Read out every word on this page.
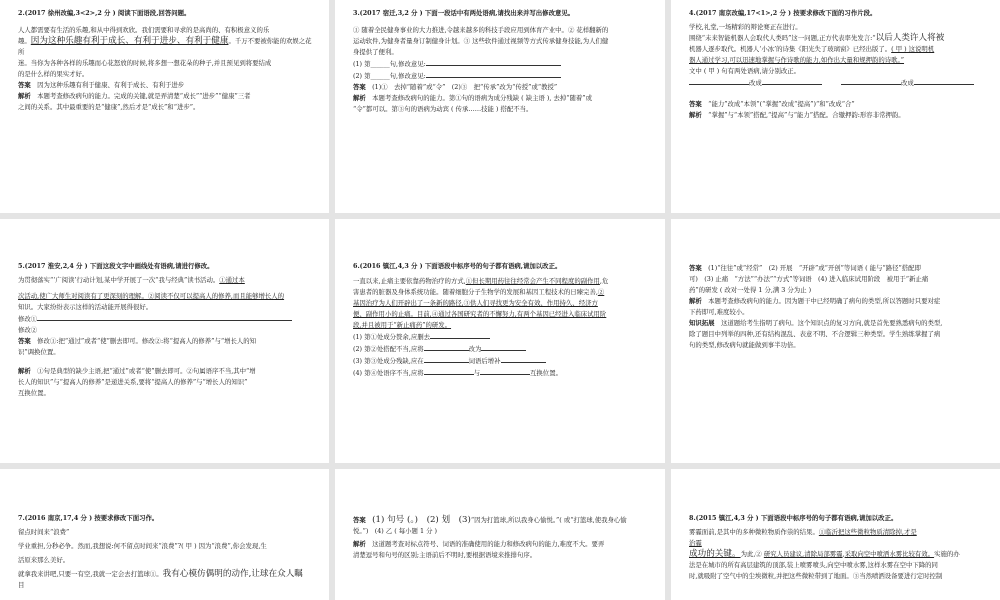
2.(2017 徐州改编,3<2>,2 分 ) 阅读下面语段,回答问题。

人人都需要有生活的乐趣,和从中得到欢欣。我们需要和寻求的是高尚的、有积极意义的乐

趣。因为这种乐趣有利于成长、有利于进步、有利于健康。千万不要被你能的欢娱之花

所

迷。当你为各种各样的乐趣而心花怒放的时候,将多想一想花朵的种子,并且预见到将要结成

的是什么样的果实才好。

答案　 因为这种乐趣有利于健康、有利于成长、有利于进步

解析　 本题考查修改病句的能力。完成的关键,就是弄清楚“成长”“进步”“健康”三者

之间的关系。其中最重要的是“健康”,然后才是“成长”和“进步”。

3.(2017 宿迁,3,2 分 ) 下面一段话中有两处语病,请找出来并写出修改意见。

① 随着全民健身事业的大力推进,令越来越多的科技手段应用到体育产业中。② 花样翻新的

运动软件,为健身者量身订制健身计划。③ 这些软件通过视频等方式传承健身技能,为人们健

身提供了便利。

(1) 第______句,修改意见:

(2) 第______句,修改意见:

答案　 (1)①　去掉“随着”或“令”　(2)③　把“传承”改为“传授”或“教授”

解析　 本题考查修改病句的能力。第①句的语病为成分残缺 ( 缺主语 ), 去掉“随着”或

“令”都可以。第③句的语病为动宾 ( 传承……技能 ) 搭配不当。

4.(2017 南京改编,17<1>,2 分 ) 按要求修改下面的习作片段。

学校,礼堂,一场精彩的辩论赛正在进行。

围绕“未来智能机器人会取代人类吗”这一问题,正方代表率先发言:“以后人类许人将被

机器人逐步取代。机器人‘小冰’的诗集《阳光失了玻璃窗》已经出版了。( 甲 ) 这说明机

器人通过学习,可以迅速地掌握与作诗歌的能力,如作出大量和规押韵的诗歌。”

文中 ( 甲 ) 句有两处语病,请分别改正。

改成　　　	改成

答案　 “能力”改成“本领”(“掌握”改成“提高”)“和”改成“合”

解析　 “掌握”与“本领”搭配,“提高”与“能力”搭配。合辙押韵:形容非常押韵。

5.(2017 淮安,2,4 分 ) 下面这段文字中画线处有语病,请进行修改。

为贯彻落实“‘广阅读’行动计划,某中学开展了一次“我与经典”读书活动。①通过本

次活动,使广大师生对阅读有了更深刻的理解。②阅读不仅可以提高人的修养,而且能够增长人的

知识。大家纷纷表示这样的活动能开展得很好。

修改①

修改②

答案　 修改①:把“通过”或者“使”删去即可。修改②:将“提高人的修养”与“增长人的知

识”调换位置。

解析　 ①句是典型的缺少主语,把“通过”或者“使”删去即可。②句属语序不当,其中“增

长人的知识”与“提高人的修养”是递进关系,要将“提高人的修养”与“增长人的知识”

互换位置。

6.(2016 镇江,4,3 分 ) 下面语段中标序号的句子都有语病,请加以改正。

一直以来,止痛主要依靠药物治疗的方式,①但长期用药往往经常会产生不同程度的副作用,危

害患者的脏器及身体系统功能。随着细胞分子生物学的发展和基因工程技术的日臻完善,②

基因治疗为人们开辟出了一条新的路径,③供人们寻找更为安全有效、作用持久、经济方

便、副作用小的止痛。目前,④通过各国研究者的不懈努力,有两个基因已经进入临床试用阶

段,并且被用于“新止痛药”的研发。

(1) 第①处成分赘余,应删去

(2) 第②处搭配不当,应将	改为

(3) 第③处成分残缺,应在	词语后增补

(4) 第④处语序不当,应将	与	互换位置。

答案　 (1)“往往”或“经常”　(2) 开展　“开辟”或“开创”等词语 ( 能与“路径”搭配即

可)　(3) 止痛　“方法”“办法”“方式”等词语　(4) 进入临床试用阶段　被用于“新止痛

药”的研发 ( 改对一处得 1 分,满 3 分为止 )

解析　 本题考查修改病句的能力。因为题干中已经明确了病句的类型,所以答题时只要对症

下药即可,难度较小。

知识拓展　 这道题给考生指明了病句。这个知识点的复习方向,就是首先要熟悉病句的类型,

除了题目中列举的四种,还有结构混乱、表意不明、不合逻辑三种类型。学生熟练掌握了病

句的类型,修改病句就能做到事半功倍。

7.(2016 南京,17,4 分 ) 按要求修改下面习作。

留点时间来“浪费”

学业重担,分秒必争。然而,我想说:何不留点时间来“浪费”?( 甲 ) 因为“浪费”,你会发现,生

活原来那么美好。

就拿我来讲吧,只要一有空,我就一定会去打篮球①。我有心模仿偶明的动作,让球在众人瞩

目

答案　 (1) 句号 (。)　(2) 划　(3)“因为打篮球,所以我身心愉悦。”( 或“打篮球,使我身心愉

悦。”)　(4) 乙 ( 每小题 1 分 )

解析　 这道题考查对标点符号、词语的准确使用的能力和修改病句的能力,难度不大。要弄

清楚逗号和句号的区别;主语前后不明时,要根据语境来推排句序。

8.(2015 镇江,4,3 分 ) 下面语段中标序号的句子都有语病,请加以改正。

雾霾面前,是其中的多种微粒物质作祟的结果。①临沂把这些微粒物质清除掉,才是

治霾

成功的关键。为此,② 研究人员建议,清除局部雾霾,采取向空中喷洒水雾比较有效。实施的办

法是在城市的所有高层建筑的顶部,装上喷雾喷头,向空中喷水雾,这样水雾在空中下降的同

时,就吸附了空气中的尘埃微粒,并把这些微粒带到了地面。③当然喷洒设备要进行定时控制
